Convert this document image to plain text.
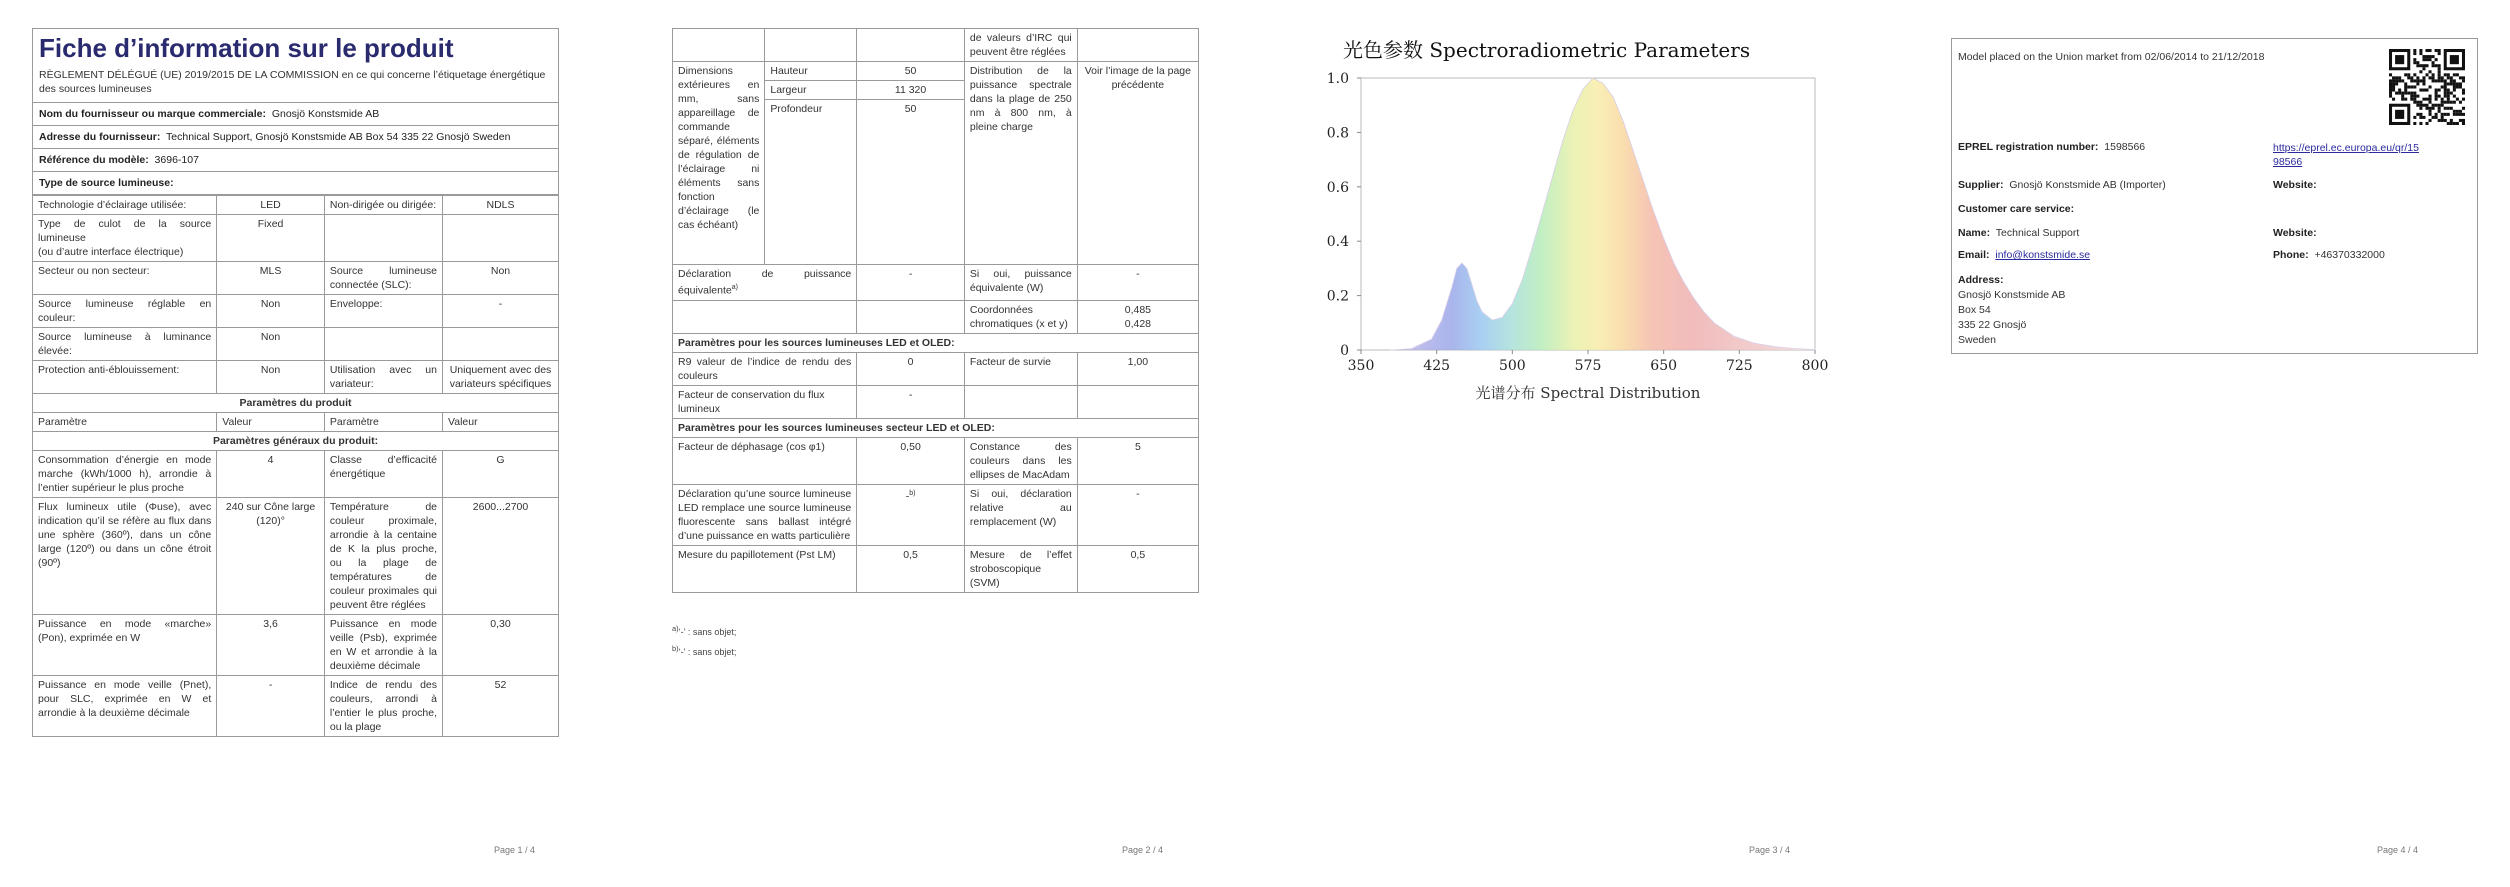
Fiche d’information sur le produit
RÈGLEMENT DÉLÉGUÉ (UE) 2019/2015 DE LA COMMISSION en ce qui concerne l’étiquetage énergétique des sources lumineuses
Nom du fournisseur ou marque commerciale: Gnosjö Konstsmide AB
Adresse du fournisseur: Technical Support, Gnosjö Konstsmide AB Box 54 335 22 Gnosjö Sweden
Référence du modèle: 3696-107
Type de source lumineuse:
Technologie d’éclairage utilisée:	LED	Non-dirigée ou dirigée:	NDLS
Type de culot de la source lumineuse
(ou d’autre interface électrique)	Fixed		
Secteur ou non secteur:	MLS	Source lumineuse connectée (SLC):	Non
Source lumineuse réglable en couleur:	Non	Enveloppe:	-
Source lumineuse à luminance élevée:	Non		
Protection anti-éblouissement:	Non	Utilisation avec un variateur:	Uniquement avec des variateurs spécifiques
Paramètres du produit			
Paramètre	Valeur	Paramètre	Valeur
Paramètres généraux du produit:			
Consommation d’énergie en mode marche (kWh/1000 h), arrondie à l’entier supérieur le plus proche	4	Classe d’efficacité énergétique	G
Flux lumineux utile (Φuse), avec indication qu’il se réfère au flux dans une sphère (360º), dans un cône large (120º) ou dans un cône étroit (90º)	240 sur Cône large (120)°	Température de couleur proximale, arrondie à la centaine de K la plus proche, ou la plage de températures de couleur proximales qui peuvent être réglées	2600...2700
Puissance en mode «marche» (Pon), exprimée en W	3,6	Puissance en mode veille (Psb), exprimée en W et arrondie à la deuxième décimale	0,30
Puissance en mode veille (Pnet), pour SLC, exprimée en W et arrondie à la deuxième décimale	-	Indice de rendu des couleurs, arrondi à l’entier le plus proche, ou la plage	52
Page 1 / 4
			de valeurs d’IRC qui peuvent être réglées	
Dimensions extérieures en mm, sans appareillage de commande séparé, éléments de régulation de l’éclairage ni éléments sans fonction d’éclairage (le cas échéant)	Hauteur	50	Distribution de la puissance spectrale dans la plage de 250 nm à 800 nm, à pleine charge	Voir l’image de la page précédente
	Largeur	11 320		
	Profondeur	50		
Déclaration de puissance équivalente$^{a)}$		-	Si oui, puissance équivalente (W)	-
			Coordonnées chromatiques (x et y)	0,485
0,428
Paramètres pour les sources lumineuses LED et OLED:				
R9 valeur de l’indice de rendu des couleurs		0	Facteur de survie	1,00
Facteur de conservation du flux lumineux		-		
Paramètres pour les sources lumineuses secteur LED et OLED:				
Facteur de déphasage (cos φ1)		0,50	Constance des couleurs dans les ellipses de MacAdam	5
Déclaration qu’une source lumineuse LED remplace une source lumineuse fluorescente sans ballast intégré d’une puissance en watts particulière		-$^{b)}$	Si oui, déclaration relative au remplacement (W)	-
Mesure du papillotement (Pst LM)		0,5	Mesure de l’effet stroboscopique (SVM)	0,5
$^{a)}$‘-’ : sans objet;
$^{b)}$‘-’ : sans objet;
Page 2 / 4
光色参数 Spectroradiometric Parameters
350	425	500	575	650	725	800
0
0.2
0.4
0.6
0.8
1.0
光谱分布 Spectral Distribution
Page 3 / 4
Model placed on the Union market from 02/06/2014 to 21/12/2018
EPREL registration number: 1598566	https://eprel.ec.europa.eu/qr/15
98566
Supplier: Gnosjö Konstsmide AB (Importer)	Website:
Customer care service:
Name: Technical Support	Website:
Email: info@konstsmide.se	Phone: +46370332000
Address:
Gnosjö Konstsmide AB
Box 54
335 22 Gnosjö
Sweden
Page 4 / 4
